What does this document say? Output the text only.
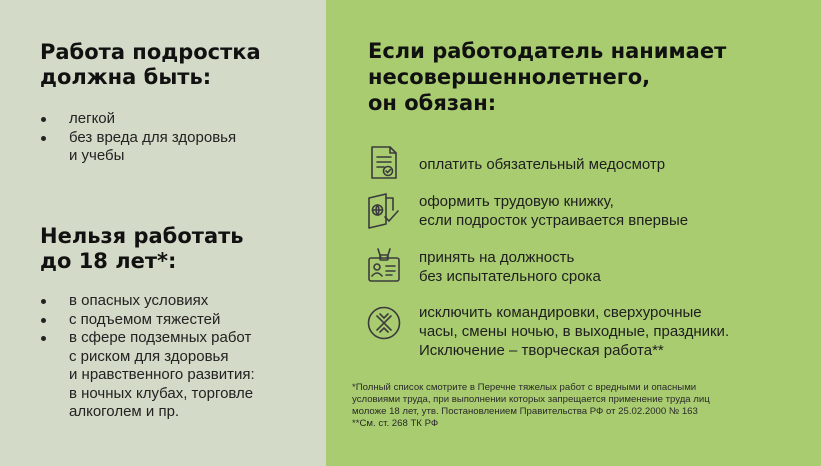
Работа подростка
должна быть:
легкой
без вреда для здоровья
и учебы
Нельзя работать
до 18 лет*:
в опасных условиях
с подъемом тяжестей
в сфере подземных работ
с риском для здоровья
и нравственного развития:
в ночных клубах, торговле
алкоголем и пр.
Если работодатель нанимает
несовершеннолетнего,
он обязан:
оплатить обязательный медосмотр
оформить трудовую книжку,
если подросток устраивается впервые
принять на должность
без испытательного срока
исключить командировки, сверхурочные
часы, смены ночью, в выходные, праздники.
Исключение – творческая работа**
*Полный список смотрите в Перечне тяжелых работ с вредными и опасными
условиями труда, при выполнении которых запрещается применение труда лиц
моложе 18 лет, утв. Постановлением Правительства РФ от 25.02.2000 № 163
**См. ст. 268 ТК РФ
